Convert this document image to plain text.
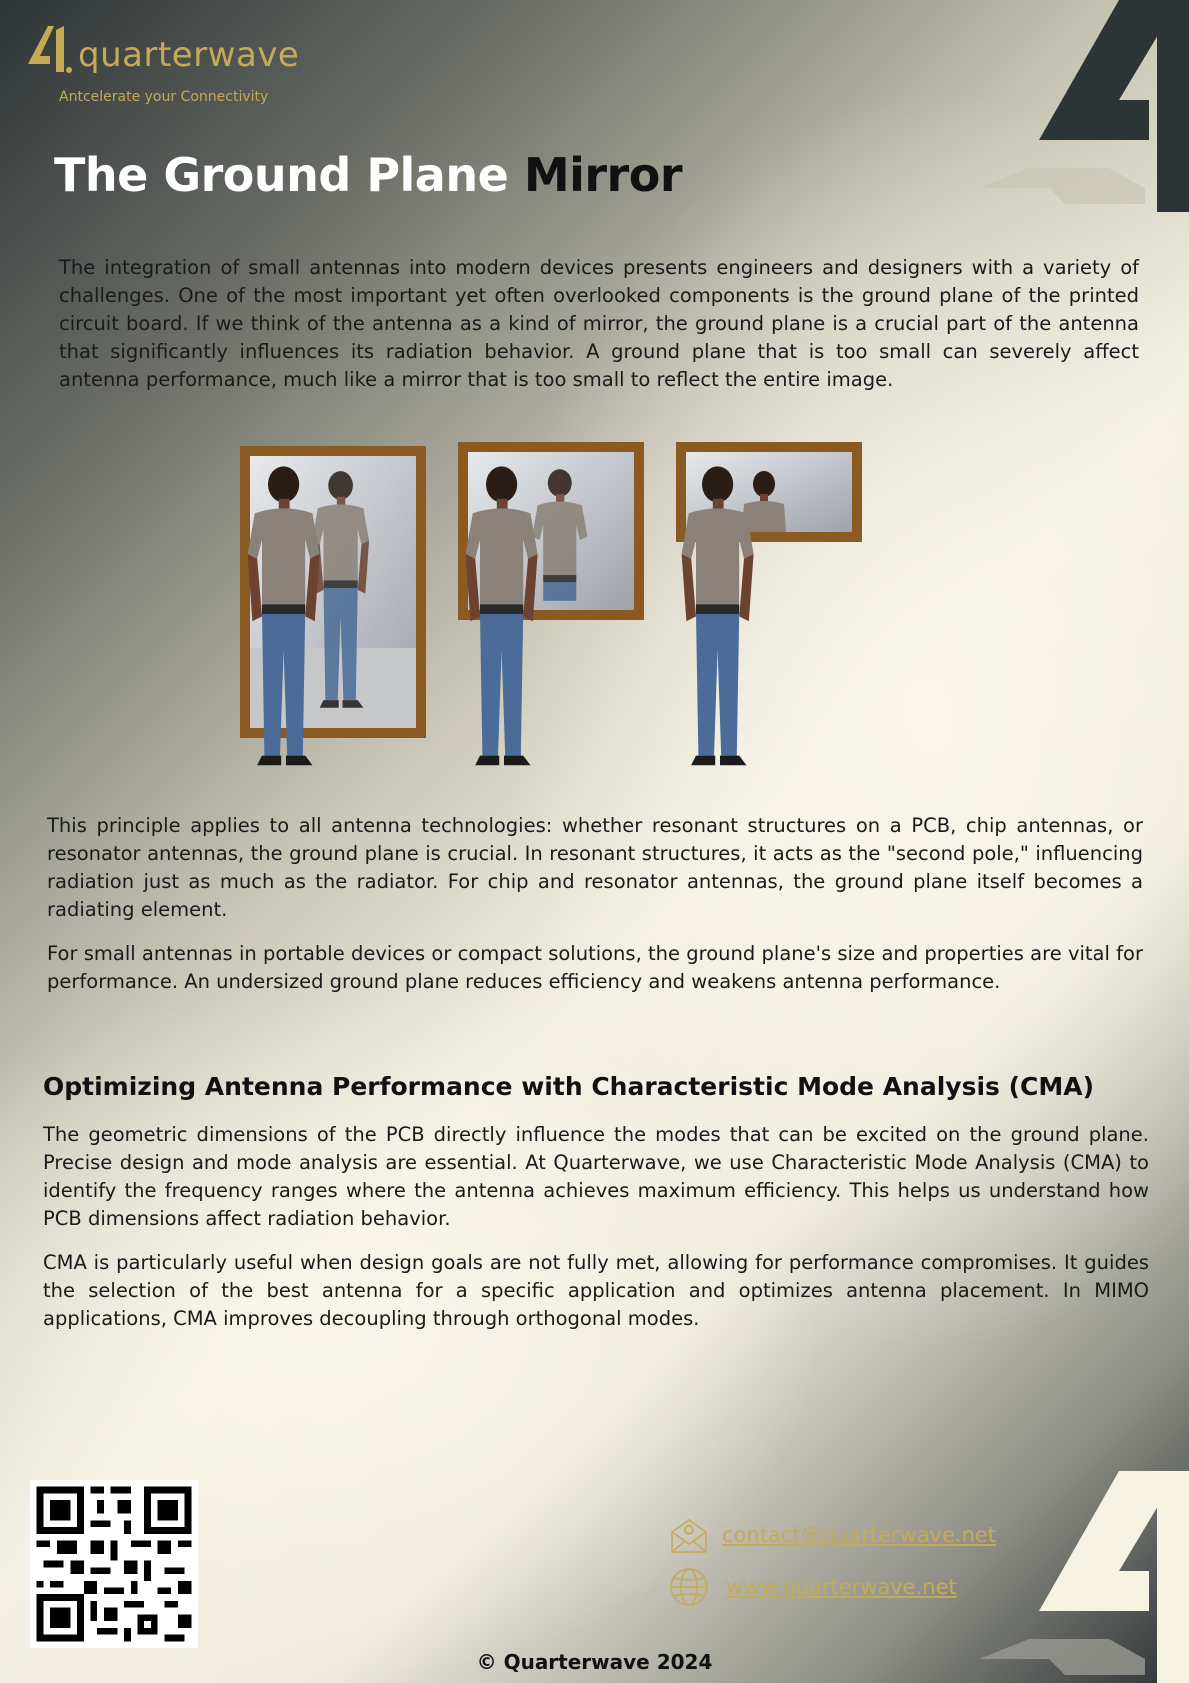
quarterwave
Antcelerate your Connectivity
The Ground Plane Mirror

The integration of small antennas into modern devices presents engineers and designers with a variety of challenges. One of the most important yet often overlooked components is the ground plane of the printed circuit board. If we think of the antenna as a kind of mirror, the ground plane is a crucial part of the antenna that significantly influences its radiation behavior. A ground plane that is too small can severely affect antenna performance, much like a mirror that is too small to reflect the entire image.

This principle applies to all antenna technologies: whether resonant structures on a PCB, chip antennas, or resonator antennas, the ground plane is crucial. In resonant structures, it acts as the "second pole," influencing radiation just as much as the radiator. For chip and resonator antennas, the ground plane itself becomes a radiating element.

For small antennas in portable devices or compact solutions, the ground plane's size and properties are vital for performance. An undersized ground plane reduces efficiency and weakens antenna performance.

Optimizing Antenna Performance with Characteristic Mode Analysis (CMA)

The geometric dimensions of the PCB directly influence the modes that can be excited on the ground plane. Precise design and mode analysis are essential. At Quarterwave, we use Characteristic Mode Analysis (CMA) to identify the frequency ranges where the antenna achieves maximum efficiency. This helps us understand how PCB dimensions affect radiation behavior.

CMA is particularly useful when design goals are not fully met, allowing for performance compromises. It guides the selection of the best antenna for a specific application and optimizes antenna placement. In MIMO applications, CMA improves decoupling through orthogonal modes.

contact@quarterwave.net
www.quarterwave.net
© Quarterwave 2024
